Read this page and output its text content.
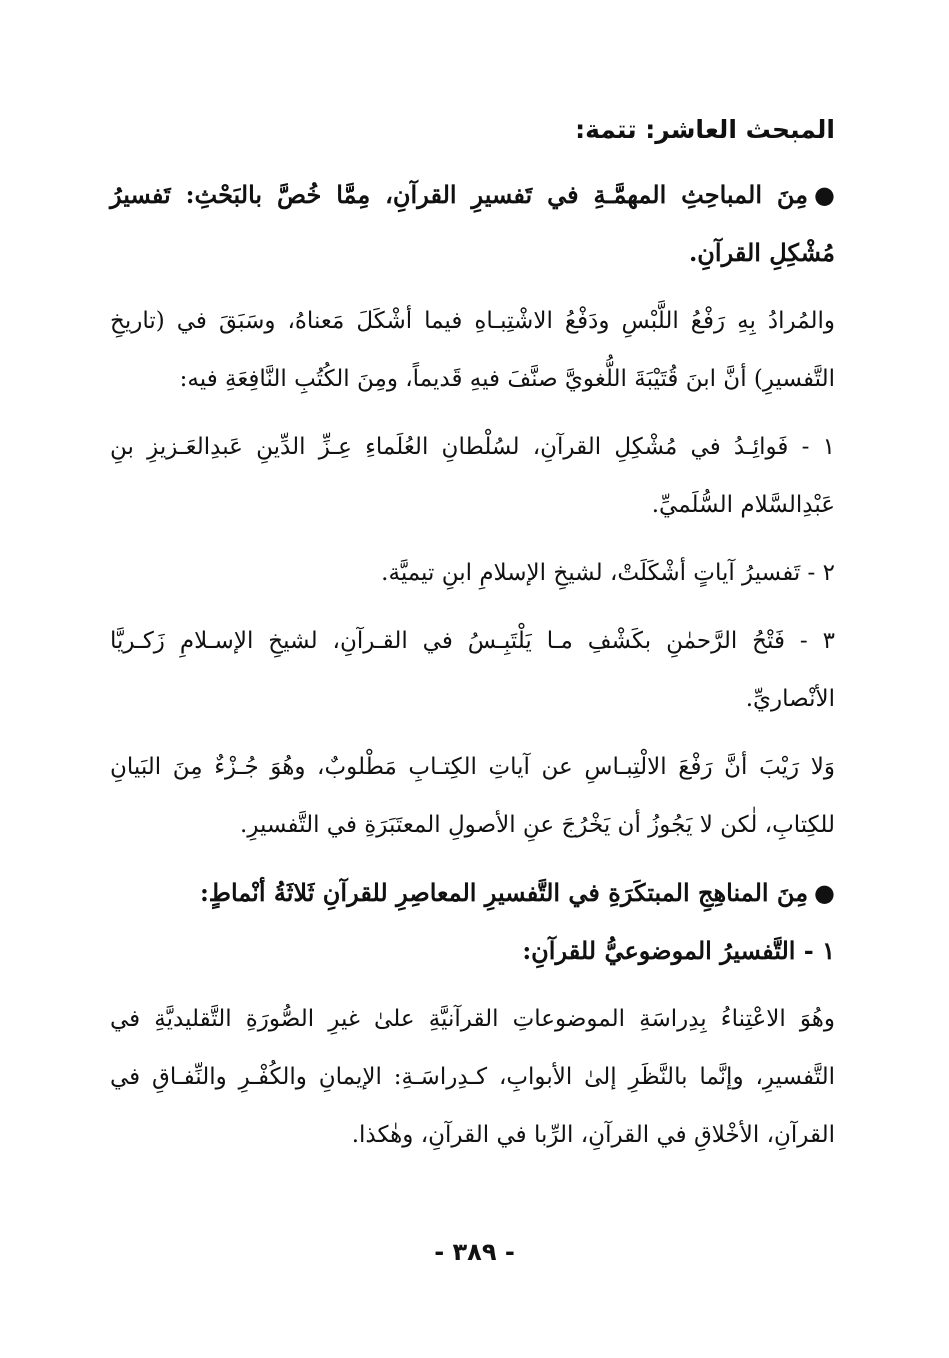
المبحث العاشر: تتمة:

●مِنَ المباحِثِ المهمَّـةِ في تَفسيرِ القرآنِ، مِمَّا خُصَّ بالبَحْثِ: تَفسيرُ مُشْكِلِ القرآنِ.

والمُرادُ بِهِ رَفْعُ اللَّبْسِ ودَفْعُ الاشْتِبـاهِ فيما أشْكَلَ مَعناهُ، وسَبَقَ في (تاريخِ التَّفسيرِ) أنَّ ابنَ قُتَيْبَةَ اللُّغويَّ صنَّفَ فيهِ قَديماً، ومِنَ الكُتُبِ النَّافِعَةِ فيه:

١ - فَوائِـدُ في مُشْكِلِ القرآنِ، لسُلْطانِ العُلَماءِ عِـزِّ الدِّينِ عَبدِالعَـزيزِ بنِ عَبْدِالسَّلام السُّلَميِّ.

٢ - تَفسيرُ آياتٍ أشْكَلَتْ، لشيخِ الإسلامِ ابنِ تيميَّة.

٣ - فَتْحُ الرَّحمٰنِ بكَشْفِ مـا يَلْتَبِـسُ في القـرآنِ، لشيخِ الإسـلامِ زَكـريَّا الأنْصاريِّ.

وَلا رَيْبَ أنَّ رَفْعَ الالْتِبـاسِ عن آياتِ الكِتـابِ مَطْلوبٌ، وهُوَ جُـزْءٌ مِنَ البَيانِ للكِتابِ، لٰكن لا يَجُوزُ أن يَخْرُجَ عنِ الأصولِ المعتَبَرَةِ في التَّفسيرِ.

●مِنَ المناهِجِ المبتكَرَةِ في التَّفسيرِ المعاصِرِ للقرآنِ ثَلاثَةُ أنْماطٍ:

١ - التَّفسيرُ الموضوعيُّ للقرآنِ:

وهُوَ الاعْتِناءُ بِدِراسَةِ الموضوعاتِ القرآنيَّةِ علىٰ غيرِ الصُّورَةِ التَّقليديَّةِ في التَّفسيرِ، وإنَّما بالنَّظَرِ إلىٰ الأبوابِ، كـدِراسَـةِ: الإيمانِ والكُفْـرِ والنِّفـاقِ في القرآنِ، الأخْلاقِ في القرآنِ، الرِّبا في القرآنِ، وهٰكذا.

- ٣٨٩ -
